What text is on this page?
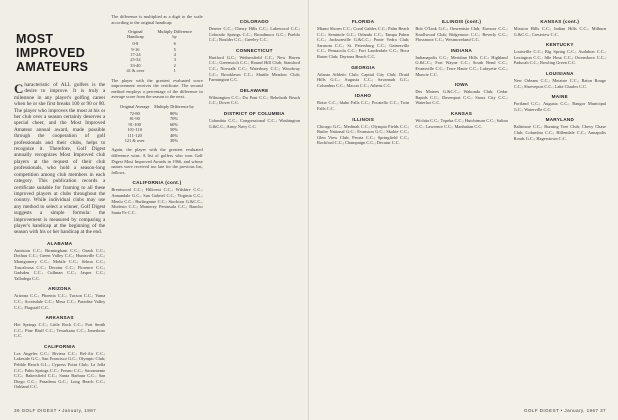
MOST IMPROVED AMATEURS
Characteristic of ALL golfers is the desire to improve. It is truly a milestone in any player's golfing career when he or she first breaks 100 or 90 or 80. The player who improves the most at his or her club over a season certainly deserves a special cheer, and the Most Improved Amateur annual award, made possible through the cooperation of golf professionals and their clubs, helps to recognize it. Therefore, Golf Digest annually recognizes Most Improved club players at the request of their club professionals, who hold a season-long competition among club members in each category. This publication records a certificate suitable for framing to all these improved players at clubs throughout the country. While individual clubs may use any method to select a winner, Golf Digest suggests a simple formula: the improvement is measured by comparing a player's handicap at the beginning of the season with his or her handicap at the end.
ALABAMA
Anniston C.C.; Birmingham C.C.; Ozark C.C.; Dothan C.C.; Green Valley C.C.; Huntsville C.C.; Montgomery C.C.; Mobile C.C.; Selma C.C.; Tuscaloosa C.C.; Decatur C.C.; Florence C.C.; Gadsden C.C.; Cullman C.C.; Jasper C.C.; Talladega C.C.
ARIZONA
Arizona C.C.; Phoenix C.C.; Tucson C.C.; Yuma C.C.; Scottsdale C.C.; Mesa C.C.; Paradise Valley C.C.; Flagstaff C.C.
ARKANSAS
Hot Springs C.C.; Little Rock C.C.; Fort Smith C.C.; Pine Bluff C.C.; Texarkana C.C.; Jonesboro C.C.
CALIFORNIA
Los Angeles C.C.; Riviera C.C.; Bel-Air C.C.; Lakeside G.C.; San Francisco G.C.; Olympic Club; Pebble Beach G.L.; Cypress Point Club; La Jolla C.C.; Palm Springs C.C.; Fresno C.C.; Sacramento C.C.; Bakersfield C.C.; Santa Barbara C.C.; San Diego C.C.; Pasadena G.C.; Long Beach C.C.; Oakland C.C.
The difference is multiplied as a digit to the scale according to the original handicap:
Original Handicap	Multiply Difference by
0-8	6
9-16	5
17-24	4
25-32	3
33-40	2
41 & over	1
The player with the greatest evaluated score improvement receives the certificate. The second method employs a percentage of the difference in average score from the season to the next.
Original Average	Multiply Difference by
72-80	80%
81-90	70%
91-100	60%
101-110	50%
111-120	40%
121 & over	30%
Again, the player with the greatest evaluated difference wins. A list of golfers who won Golf Digest Most Improved Awards in 1966, and whose names were received too late for the previous list, follows.
CALIFORNIA (cont.)
Brentwood C.C.; Hillcrest C.C.; Wilshire C.C.; Annandale G.C.; San Gabriel C.C.; Virginia C.C.; Menlo C.C.; Burlingame C.C.; Stockton G.&C.C.; Modesto C.C.; Monterey Peninsula C.C.; Rancho Santa Fe C.C.
COLORADO
Denver C.C.; Cherry Hills C.C.; Lakewood C.C.; Colorado Springs C.C.; Broadmoor G.C.; Pueblo C.C.; Boulder C.C.; Greeley C.C.
CONNECTICUT
Hartford G.C.; Wethersfield C.C.; New Haven C.C.; Greenwich C.C.; Round Hill Club; Stamford C.C.; Norwalk C.C.; Waterbury C.C.; Woodway C.C.; Brooklawn C.C.; Shuttle Meadow Club; Farmington C.C.
DELAWARE
Wilmington C.C.; Du Pont C.C.; Rehoboth Beach C.C.; Dover C.C.
DISTRICT OF COLUMBIA
Columbia C.C.; Congressional C.C.; Washington G.&C.C.; Army Navy C.C.
36 GOLF DIGEST • January, 1967
FLORIDA
Miami Shores C.C.; Coral Gables C.C.; Palm Beach C.C.; Seminole G.C.; Orlando C.C.; Tampa Palms C.C.; Jacksonville G.&C.C.; Ponte Vedra Club; Sarasota C.C.; St. Petersburg C.C.; Gainesville C.C.; Pensacola C.C.; Fort Lauderdale C.C.; Boca Raton Club; Daytona Beach C.C.
GEORGIA
Atlanta Athletic Club; Capital City Club; Druid Hills G.C.; Augusta C.C.; Savannah G.C.; Columbus C.C.; Macon C.C.; Athens C.C.
IDAHO
Boise C.C.; Idaho Falls C.C.; Pocatello C.C.; Twin Falls C.C.
ILLINOIS
Chicago G.C.; Medinah C.C.; Olympia Fields C.C.; Butler National G.C.; Evanston G.C.; Skokie C.C.; Glen View Club; Peoria C.C.; Springfield C.C.; Rockford C.C.; Champaign C.C.; Decatur C.C.
ILLINOIS (cont.)
Bob O'Link G.C.; Onwentsia Club; Exmoor C.C.; Knollwood Club; Ridgemoor C.C.; Beverly C.C.; Flossmoor C.C.; Westmoreland C.C.
INDIANA
Indianapolis C.C.; Meridian Hills C.C.; Highland G.&C.C.; Fort Wayne C.C.; South Bend C.C.; Evansville C.C.; Terre Haute C.C.; Lafayette C.C.; Muncie C.C.
IOWA
Des Moines G.&C.C.; Wakonda Club; Cedar Rapids C.C.; Davenport C.C.; Sioux City C.C.; Waterloo C.C.
KANSAS
Wichita C.C.; Topeka C.C.; Hutchinson C.C.; Salina C.C.; Lawrence C.C.; Manhattan C.C.
KANSAS (cont.)
Mission Hills C.C.; Indian Hills C.C.; Milburn G.&C.C.; Crestview C.C.
KENTUCKY
Louisville C.C.; Big Spring C.C.; Audubon C.C.; Lexington C.C.; Idle Hour C.C.; Owensboro C.C.; Paducah C.C.; Bowling Green C.C.
LOUISIANA
New Orleans C.C.; Metairie C.C.; Baton Rouge C.C.; Shreveport C.C.; Lake Charles C.C.
MAINE
Portland C.C.; Augusta C.C.; Bangor Municipal G.C.; Waterville C.C.
MARYLAND
Baltimore C.C.; Burning Tree Club; Chevy Chase Club; Columbia C.C.; Hillendale C.C.; Annapolis Roads G.C.; Hagerstown C.C.
GOLF DIGEST • January, 1967 37
